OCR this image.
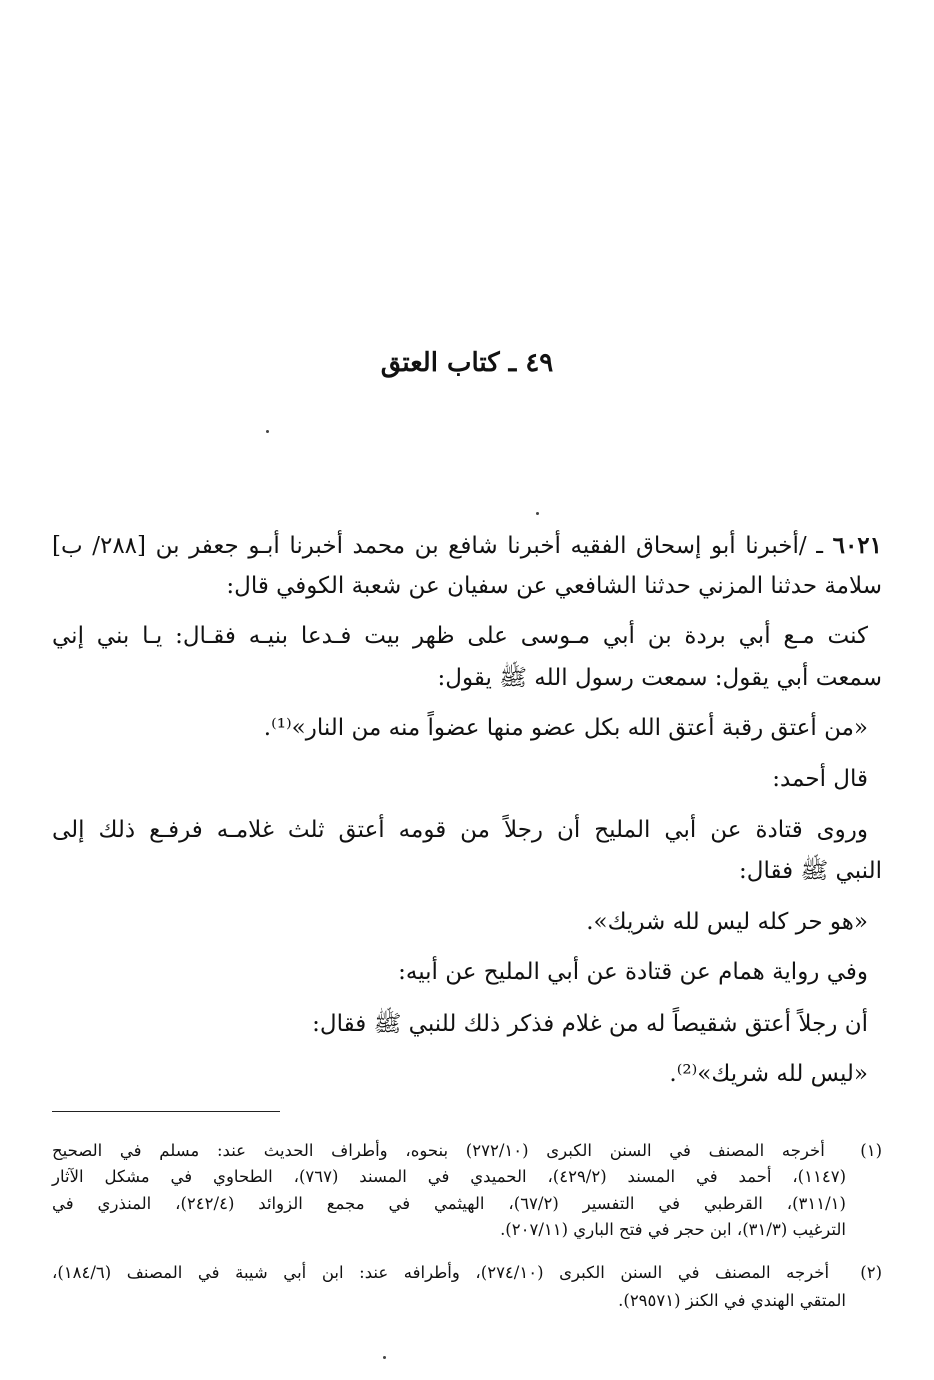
٤٩ ـ كتاب العتق

٦٠٢١ ـ /أخبرنا أبو إسحاق الفقيه أخبرنا شافع بن محمد أخبرنا أبـو جعفر بن [٢٨٨/ ب]

سلامة حدثنا المزني حدثنا الشافعي عن سفيان عن شعبة الكوفي قال:

كنت مـع أبي بردة بن أبي مـوسى على ظهر بيت فـدعا بنيـه فقـال: يـا بني إني

سمعت أبي يقول: سمعت رسول الله ﷺ يقول:

«من أعتق رقبة أعتق الله بكل عضو منها عضواً منه من النار»⁽¹⁾.

قال أحمد:

وروى قتادة عن أبي المليح أن رجلاً من قومه أعتق ثلث غلامـه فرفـع ذلك إلى

النبي ﷺ فقال:

«هو حر كله ليس لله شريك».

وفي رواية همام عن قتادة عن أبي المليح عن أبيه:

أن رجلاً أعتق شقيصاً له من غلام فذكر ذلك للنبي ﷺ فقال:

«ليس لله شريك»⁽²⁾.

(١)  أخرجه المصنف في السنن الكبرى (٢٧٢/١٠) بنحوه، وأطراف الحديث عند: مسلم في الصحيح

(١١٤٧)، أحمد في المسند (٤٢٩/٢)، الحميدي في المسند (٧٦٧)، الطحاوي في مشكل الآثار

(٣١١/١)، القرطبي في التفسير (٦٧/٢)، الهيثمي في مجمع الزوائد (٢٤٢/٤)، المنذري في

الترغيب (٣١/٣)، ابن حجر في فتح الباري (٢٠٧/١١).

(٢)  أخرجه المصنف في السنن الكبرى (٢٧٤/١٠)، وأطرافه عند: ابن أبي شيبة في المصنف (١٨٤/٦)،

المتقي الهندي في الكنز (٢٩٥٧١).
